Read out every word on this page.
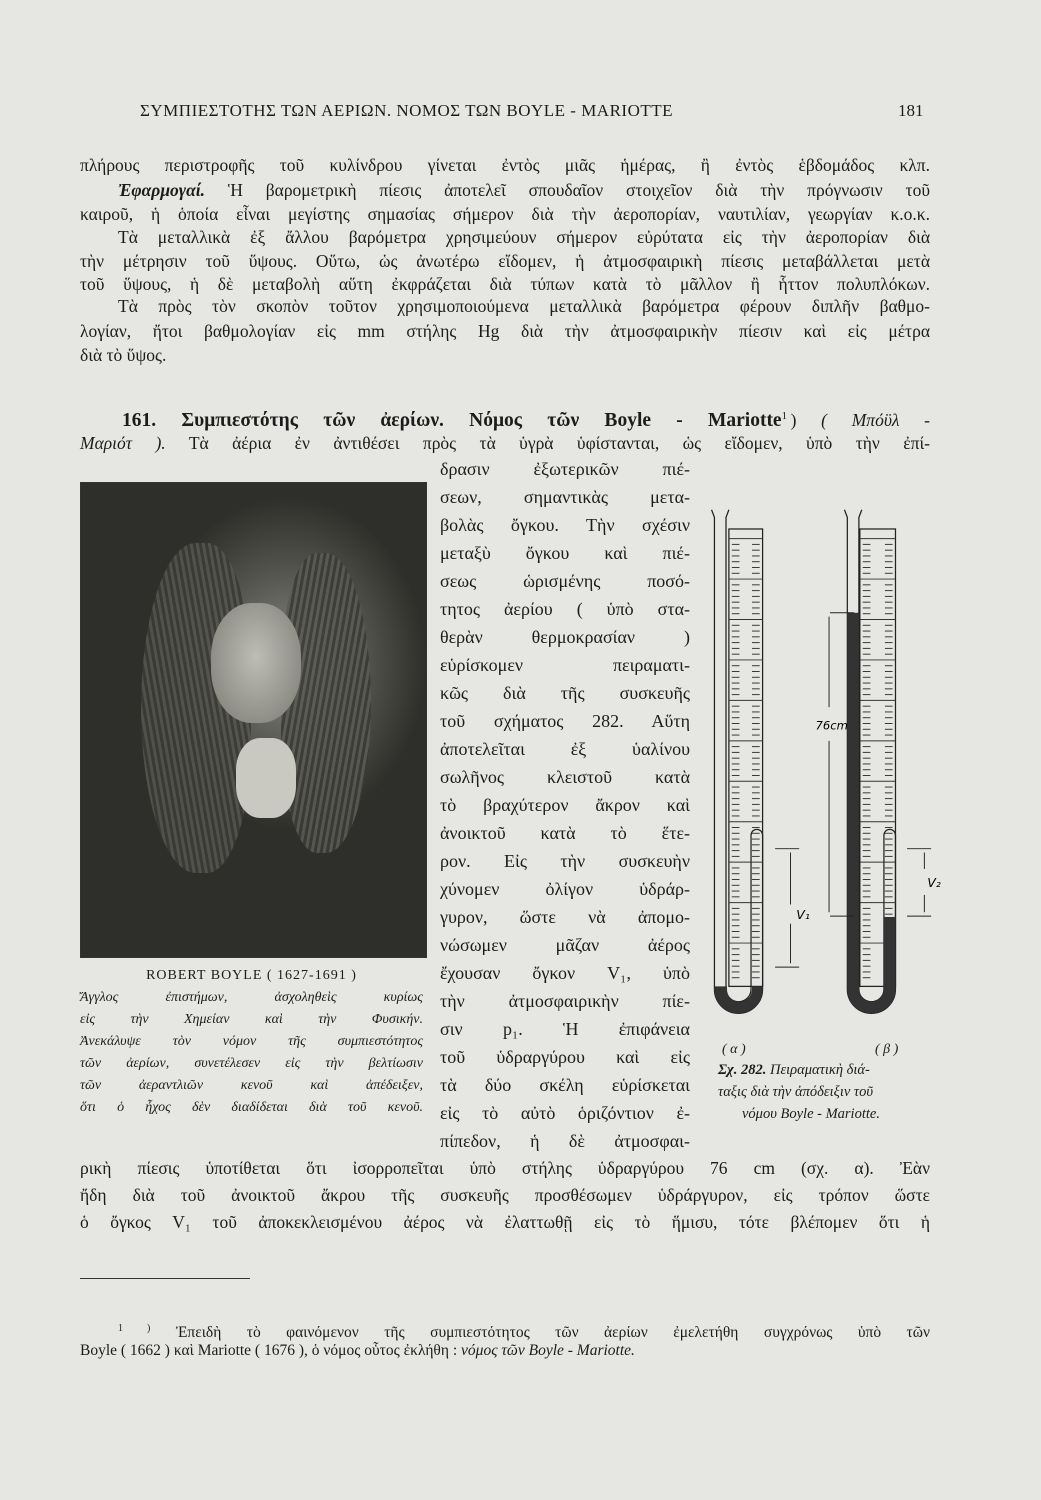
ΣΥΜΠΙΕΣΤΟΤΗΣ ΤΩΝ ΑΕΡΙΩΝ. ΝΟΜΟΣ ΤΩΝ BOYLE - MARIOTTE	181
πλήρους περιστροφῆς τοῦ κυλίνδρου γίνεται ἐντὸς μιᾶς ἡμέρας, ἢ ἐντὸς ἑβδομάδος κλπ.
Ἐφαρμογαί. Ἡ βαρομετρικὴ πίεσις ἀποτελεῖ σπουδαῖον στοιχεῖον διὰ τὴν πρόγνωσιν τοῦ
καιροῦ, ἡ ὁποία εἶναι μεγίστης σημασίας σήμερον διὰ τὴν ἀεροπορίαν, ναυτιλίαν, γεωργίαν κ.ο.κ.
Τὰ μεταλλικὰ ἐξ ἄλλου βαρόμετρα χρησιμεύουν σήμερον εὐρύτατα εἰς τὴν ἀεροπορίαν διὰ
τὴν μέτρησιν τοῦ ὕψους. Οὕτω, ὡς ἀνωτέρω εἴδομεν, ἡ ἀτμοσφαιρικὴ πίεσις μεταβάλλεται μετὰ
τοῦ ὕψους, ἡ δὲ μεταβολὴ αὕτη ἐκφράζεται διὰ τύπων κατὰ τὸ μᾶλλον ἢ ἧττον πολυπλόκων.
Τὰ πρὸς τὸν σκοπὸν τοῦτον χρησιμοποιούμενα μεταλλικὰ βαρόμετρα φέρουν διπλῆν βαθμο-
λογίαν, ἤτοι βαθμολογίαν εἰς mm στήλης Hg διὰ τὴν ἀτμοσφαιρικὴν πίεσιν καὶ εἰς μέτρα
διὰ τὸ ὕψος.
161. Συμπιεστότης τῶν ἀερίων. Νόμος τῶν Boyle - Mariotte$^1$ ) ( Μπόϋλ -
Μαριότ ). Τὰ ἀέρια ἐν ἀντιθέσει πρὸς τὰ ὑγρὰ ὑφίστανται, ὡς εἴδομεν, ὑπὸ τὴν ἐπί-
ROBERT BOYLE ( 1627-1691 )
Ἄγγλος ἐπιστήμων, ἀσχοληθεὶς κυρίως
εἰς τὴν Χημείαν καὶ τὴν Φυσικήν.
Ἀνεκάλυψε τὸν νόμον τῆς συμπιεστότητος
τῶν ἀερίων, συνετέλεσεν εἰς τὴν βελτίωσιν
τῶν ἀεραντλιῶν κενοῦ καὶ ἀπέδειξεν,
ὅτι ὁ ἦχος δὲν διαδίδεται διὰ τοῦ κενοῦ.
δρασιν ἐξωτερικῶν πιέ-
σεων, σημαντικὰς μετα-
βολὰς ὄγκου. Τὴν σχέσιν
μεταξὺ ὄγκου καὶ πιέ-
σεως ὡρισμένης ποσό-
τητος ἀερίου ( ὑπὸ στα-
θερὰν θερμοκρασίαν )
εὑρίσκομεν πειραματι-
κῶς διὰ τῆς συσκευῆς
τοῦ σχήματος 282. Αὕτη
ἀποτελεῖται ἐξ ὑαλίνου
σωλῆνος κλειστοῦ κατὰ
τὸ βραχύτερον ἄκρον καὶ
ἀνοικτοῦ κατὰ τὸ ἕτε-
ρον. Εἰς τὴν συσκευὴν
χύνομεν ὀλίγον ὑδράρ-
γυρον, ὥστε νὰ ἀπομο-
νώσωμεν μᾶζαν ἀέρος
ἔχουσαν ὄγκον V₁, ὑπὸ
τὴν ἀτμοσφαιρικὴν πίε-
σιν p₁. Ἡ ἐπιφάνεια
τοῦ ὑδραργύρου καὶ εἰς
τὰ δύο σκέλη εὑρίσκεται
εἰς τὸ αὐτὸ ὁριζόντιον ἐ-
πίπεδον, ἡ δὲ ἀτμοσφαι-
V₁
76cm
V₂
( α )	( β )
Σχ. 282. Πειραματικὴ διά-
ταξις διὰ τὴν ἀπόδειξιν τοῦ
νόμου Boyle - Mariotte.
ρικὴ πίεσις ὑποτίθεται ὅτι ἰσορροπεῖται ὑπὸ στήλης ὑδραργύρου 76 cm (σχ. α). Ἐὰν
ἤδη διὰ τοῦ ἀνοικτοῦ ἄκρου τῆς συσκευῆς προσθέσωμεν ὑδράργυρον, εἰς τρόπον ὥστε
ὁ ὄγκος V₁ τοῦ ἀποκεκλεισμένου ἀέρος νὰ ἐλαττωθῇ εἰς τὸ ἥμισυ, τότε βλέπομεν ὅτι ἡ
$^{1 )}$ Ἐπειδὴ τὸ φαινόμενον τῆς συμπιεστότητος τῶν ἀερίων ἐμελετήθη συγχρόνως ὑπὸ τῶν
Boyle ( 1662 ) καὶ Mariotte ( 1676 ), ὁ νόμος οὗτος ἐκλήθη : νόμος τῶν Boyle - Mariotte.
